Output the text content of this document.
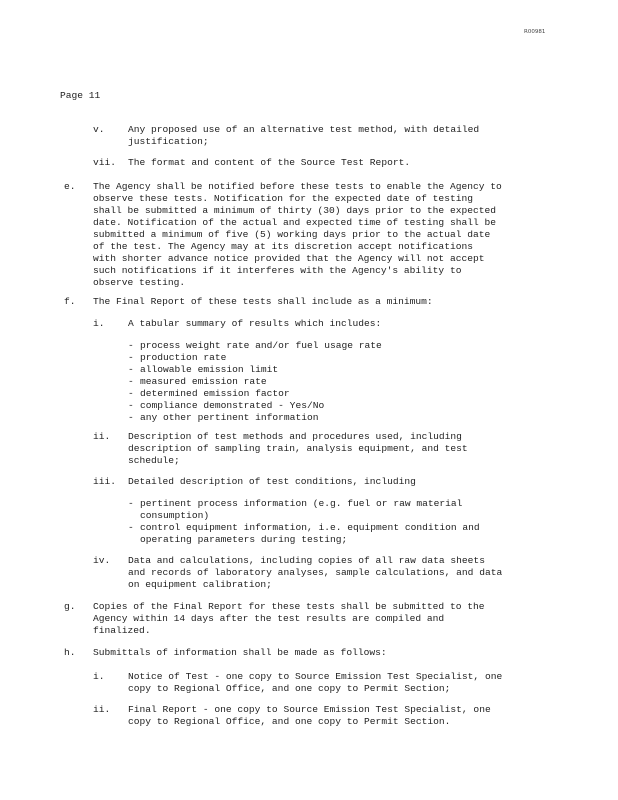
R00981
Page 11
v. Any proposed use of an alternative test method, with detailed
justification;
vii. The format and content of the Source Test Report.
e. The Agency shall be notified before these tests to enable the Agency to
observe these tests. Notification for the expected date of testing
shall be submitted a minimum of thirty (30) days prior to the expected
date. Notification of the actual and expected time of testing shall be
submitted a minimum of five (5) working days prior to the actual date
of the test. The Agency may at its discretion accept notifications
with shorter advance notice provided that the Agency will not accept
such notifications if it interferes with the Agency's ability to
observe testing.
f. The Final Report of these tests shall include as a minimum:
i. A tabular summary of results which includes:
- process weight rate and/or fuel usage rate
- production rate
- allowable emission limit
- measured emission rate
- determined emission factor
- compliance demonstrated - Yes/No
- any other pertinent information
ii. Description of test methods and procedures used, including
description of sampling train, analysis equipment, and test
schedule;
iii. Detailed description of test conditions, including
- pertinent process information (e.g. fuel or raw material
consumption)
- control equipment information, i.e. equipment condition and
operating parameters during testing;
iv. Data and calculations, including copies of all raw data sheets
and records of laboratory analyses, sample calculations, and data
on equipment calibration;
g. Copies of the Final Report for these tests shall be submitted to the
Agency within 14 days after the test results are compiled and
finalized.
h. Submittals of information shall be made as follows:
i. Notice of Test - one copy to Source Emission Test Specialist, one
copy to Regional Office, and one copy to Permit Section;
ii. Final Report - one copy to Source Emission Test Specialist, one
copy to Regional Office, and one copy to Permit Section.
